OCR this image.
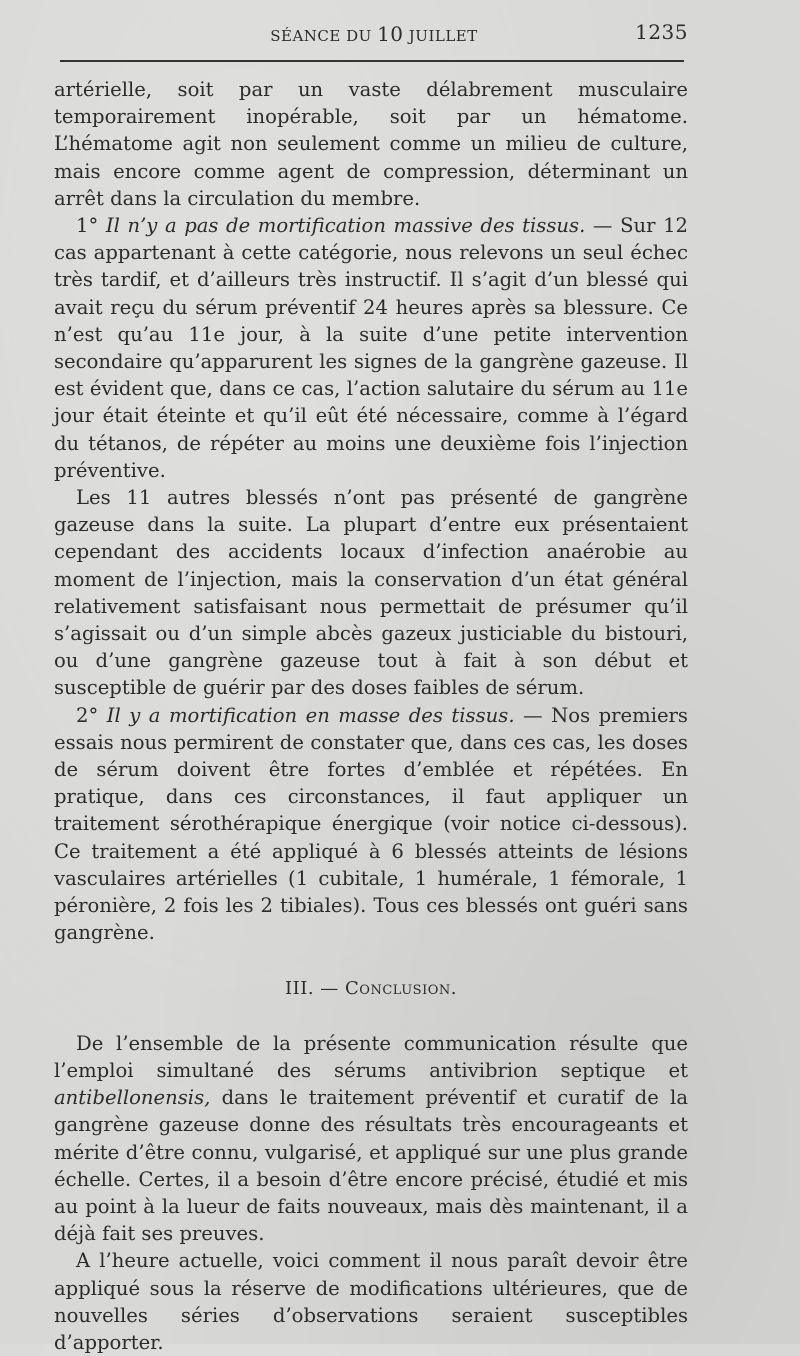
SÉANCE DU 10 JUILLET	1235

artérielle, soit par un vaste délabrement musculaire temporairement inopérable, soit par un hématome. L’hématome agit non seulement comme un milieu de culture, mais encore comme agent de compression, déterminant un arrêt dans la circulation du membre.

1° Il n’y a pas de mortification massive des tissus. — Sur 12 cas appartenant à cette catégorie, nous relevons un seul échec très tardif, et d’ailleurs très instructif. Il s’agit d’un blessé qui avait reçu du sérum préventif 24 heures après sa blessure. Ce n’est qu’au 11e jour, à la suite d’une petite intervention secondaire qu’apparurent les signes de la gangrène gazeuse. Il est évident que, dans ce cas, l’action salutaire du sérum au 11e jour était éteinte et qu’il eût été nécessaire, comme à l’égard du tétanos, de répéter au moins une deuxième fois l’injection préventive.

Les 11 autres blessés n’ont pas présenté de gangrène gazeuse dans la suite. La plupart d’entre eux présentaient cependant des accidents locaux d’infection anaérobie au moment de l’injection, mais la conservation d’un état général relativement satisfaisant nous permettait de présumer qu’il s’agissait ou d’un simple abcès gazeux justiciable du bistouri, ou d’une gangrène gazeuse tout à fait à son début et susceptible de guérir par des doses faibles de sérum.

2° Il y a mortification en masse des tissus. — Nos premiers essais nous permirent de constater que, dans ces cas, les doses de sérum doivent être fortes d’emblée et répétées. En pratique, dans ces circonstances, il faut appliquer un traitement sérothérapique énergique (voir notice ci-dessous). Ce traitement a été appliqué à 6 blessés atteints de lésions vasculaires artérielles (1 cubitale, 1 humérale, 1 fémorale, 1 péronière, 2 fois les 2 tibiales). Tous ces blessés ont guéri sans gangrène.

III. — Conclusion.

De l’ensemble de la présente communication résulte que l’emploi simultané des sérums antivibrion septique et antibellonensis, dans le traitement préventif et curatif de la gangrène gazeuse donne des résultats très encourageants et mérite d’être connu, vulgarisé, et appliqué sur une plus grande échelle. Certes, il a besoin d’être encore précisé, étudié et mis au point à la lueur de faits nouveaux, mais dès maintenant, il a déjà fait ses preuves.

A l’heure actuelle, voici comment il nous paraît devoir être appliqué sous la réserve de modifications ultérieures, que de nouvelles séries d’observations seraient susceptibles d’apporter.
